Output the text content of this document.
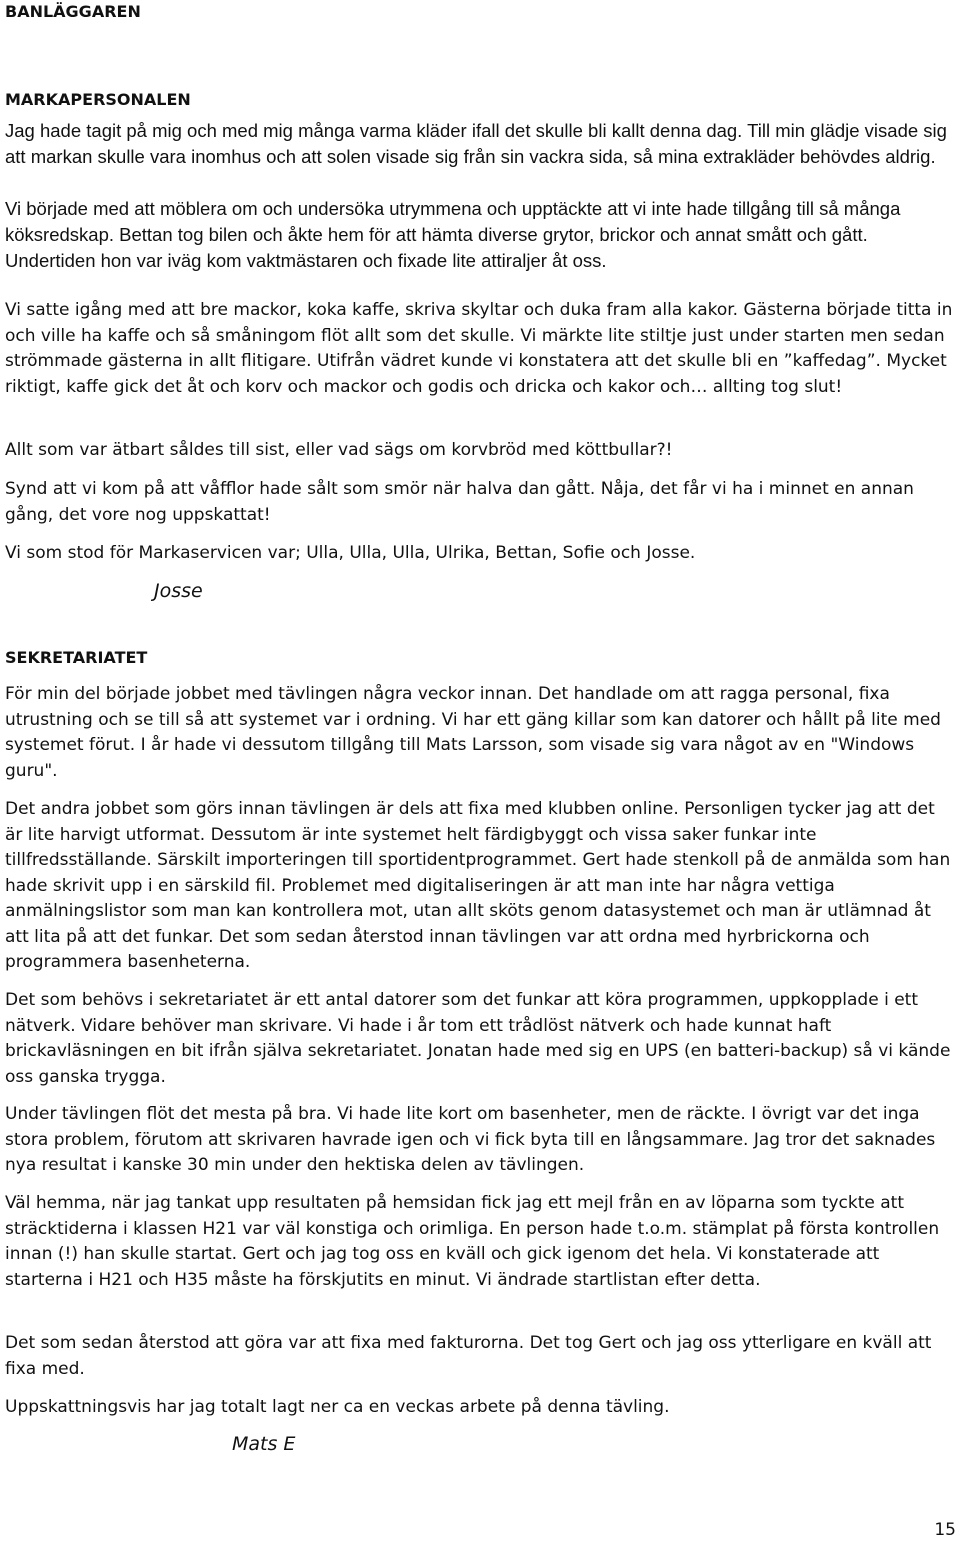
BANLÄGGAREN
MARKAPERSONALEN

Jag hade tagit på mig och med mig många varma kläder ifall det skulle bli kallt denna dag. Till min glädje visade sig att markan skulle vara inomhus och att solen visade sig från sin vackra sida, så mina extrakläder behövdes aldrig.

Vi började med att möblera om och undersöka utrymmena och upptäckte att vi inte hade tillgång till så många köksredskap. Bettan tog bilen och åkte hem för att hämta diverse grytor, brickor och annat smått och gått. Undertiden hon var iväg kom vaktmästaren och fixade lite attiraljer åt oss.

Vi satte igång med att bre mackor, koka kaffe, skriva skyltar och duka fram alla kakor. Gästerna började titta in och ville ha kaffe och så småningom flöt allt som det skulle. Vi märkte lite stiltje just under starten men sedan strömmade gästerna in allt flitigare. Utifrån vädret kunde vi konstatera att det skulle bli en ”kaffedag”. Mycket riktigt, kaffe gick det åt och korv och mackor och godis och dricka och kakor och… allting tog slut!

Allt som var ätbart såldes till sist, eller vad sägs om korvbröd med köttbullar?!

Synd att vi kom på att våfflor hade sålt som smör när halva dan gått. Nåja, det får vi ha i minnet en annan gång, det vore nog uppskattat!

Vi som stod för Markaservicen var; Ulla, Ulla, Ulla, Ulrika, Bettan, Sofie och Josse.

Josse
SEKRETARIATET

För min del började jobbet med tävlingen några veckor innan. Det handlade om att ragga personal, fixa utrustning och se till så att systemet var i ordning. Vi har ett gäng killar som kan datorer och hållt på lite med systemet förut. I år hade vi dessutom tillgång till Mats Larsson, som visade sig vara något av en "Windows guru".

Det andra jobbet som görs innan tävlingen är dels att fixa med klubben online. Personligen tycker jag att det är lite harvigt utformat. Dessutom är inte systemet helt färdigbyggt och vissa saker funkar inte tillfredsställande. Särskilt importeringen till sportidentprogrammet. Gert hade stenkoll på de anmälda som han hade skrivit upp i en särskild fil. Problemet med digitaliseringen är att man inte har några vettiga anmälningslistor som man kan kontrollera mot, utan allt sköts genom datasystemet och man är utlämnad åt att lita på att det funkar. Det som sedan återstod innan tävlingen var att ordna med hyrbrickorna och programmera basenheterna.

Det som behövs i sekretariatet är ett antal datorer som det funkar att köra programmen, uppkopplade i ett nätverk. Vidare behöver man skrivare. Vi hade i år tom ett trådlöst nätverk och hade kunnat haft brickavläsningen en bit ifrån själva sekretariatet. Jonatan hade med sig en UPS (en batteri-backup) så vi kände oss ganska trygga.

Under tävlingen flöt det mesta på bra. Vi hade lite kort om basenheter, men de räckte. I övrigt var det inga stora problem, förutom att skrivaren havrade igen och vi fick byta till en långsammare. Jag tror det saknades nya resultat i kanske 30 min under den hektiska delen av tävlingen.

Väl hemma, när jag tankat upp resultaten på hemsidan fick jag ett mejl från en av löparna som tyckte att sträcktiderna i klassen H21 var väl konstiga och orimliga. En person hade t.o.m. stämplat på första kontrollen innan (!) han skulle startat. Gert och jag tog oss en kväll och gick igenom det hela. Vi konstaterade att starterna i H21 och H35 måste ha förskjutits en minut. Vi ändrade startlistan efter detta.

Det som sedan återstod att göra var att fixa med fakturorna. Det tog Gert och jag oss ytterligare en kväll att fixa med.

Uppskattningsvis har jag totalt lagt ner ca en veckas arbete på denna tävling.

Mats E
15
